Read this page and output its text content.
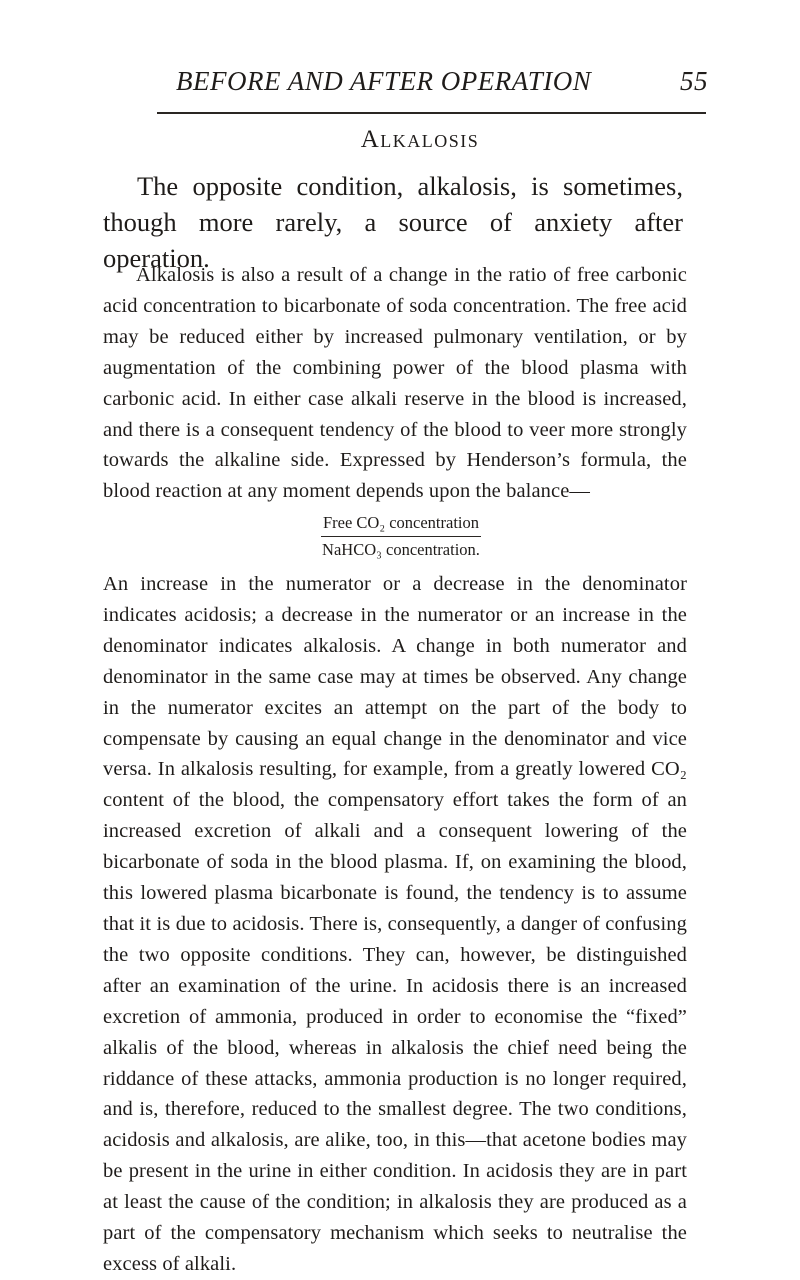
BEFORE AND AFTER OPERATION	55
Alkalosis

The opposite condition, alkalosis, is sometimes, though more rarely, a source of anxiety after operation.

Alkalosis is also a result of a change in the ratio of free carbonic acid concentration to bicarbonate of soda concentration. The free acid may be reduced either by increased pulmonary ventilation, or by augmentation of the combining power of the blood plasma with carbonic acid. In either case alkali reserve in the blood is increased, and there is a consequent tendency of the blood to veer more strongly towards the alkaline side. Expressed by Henderson’s formula, the blood reaction at any moment depends upon the balance—

$\frac{\text{Free CO₂ concentration}}{\text{NaHCO₃ concentration.}}$

An increase in the numerator or a decrease in the denominator indicates acidosis; a decrease in the numerator or an increase in the denominator indicates alkalosis. A change in both numerator and denominator in the same case may at times be observed. Any change in the numerator excites an attempt on the part of the body to compensate by causing an equal change in the denominator and vice versa. In alkalosis resulting, for example, from a greatly lowered CO₂ content of the blood, the compensatory effort takes the form of an increased excretion of alkali and a consequent lowering of the bicarbonate of soda in the blood plasma. If, on examining the blood, this lowered plasma bicarbonate is found, the tendency is to assume that it is due to acidosis. There is, consequently, a danger of confusing the two opposite conditions. They can, however, be distinguished after an examination of the urine. In acidosis there is an increased excretion of ammonia, produced in order to economise the “fixed” alkalis of the blood, whereas in alkalosis the chief need being the riddance of these attacks, ammonia production is no longer required, and is, therefore, reduced to the smallest degree. The two conditions, acidosis and alkalosis, are alike, too, in this—that acetone bodies may be present in the urine in either condition. In acidosis they are in part at least the cause of the condition; in alkalosis they are produced as a part of the compensatory mechanism which seeks to neutralise the excess of alkali.
